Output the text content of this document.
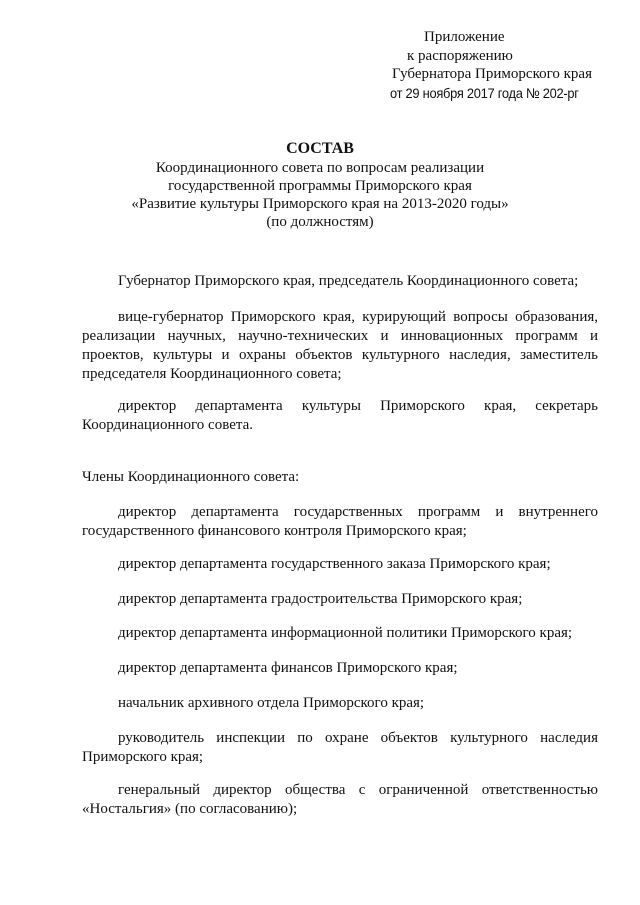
Приложение
к распоряжению
Губернатора Приморского края
от 29 ноября 2017 года № 202-рг
СОСТАВ
Координационного совета по вопросам реализации
государственной программы Приморского края
«Развитие культуры Приморского края на 2013-2020 годы»
(по должностям)

Губернатор Приморского края, председатель Координационного совета;

вице-губернатор Приморского края, курирующий вопросы образования, реализации научных, научно-технических и инновационных программ и проектов, культуры и охраны объектов культурного наследия, заместитель председателя Координационного совета;

директор департамента культуры Приморского края, секретарь Координационного совета.

Члены Координационного совета:

директор департамента государственных программ и внутреннего государственного финансового контроля Приморского края;

директор департамента государственного заказа Приморского края;

директор департамента градостроительства Приморского края;

директор департамента информационной политики Приморского края;

директор департамента финансов Приморского края;

начальник архивного отдела Приморского края;

руководитель инспекции по охране объектов культурного наследия Приморского края;

генеральный директор общества с ограниченной ответственностью «Ностальгия» (по согласованию);
